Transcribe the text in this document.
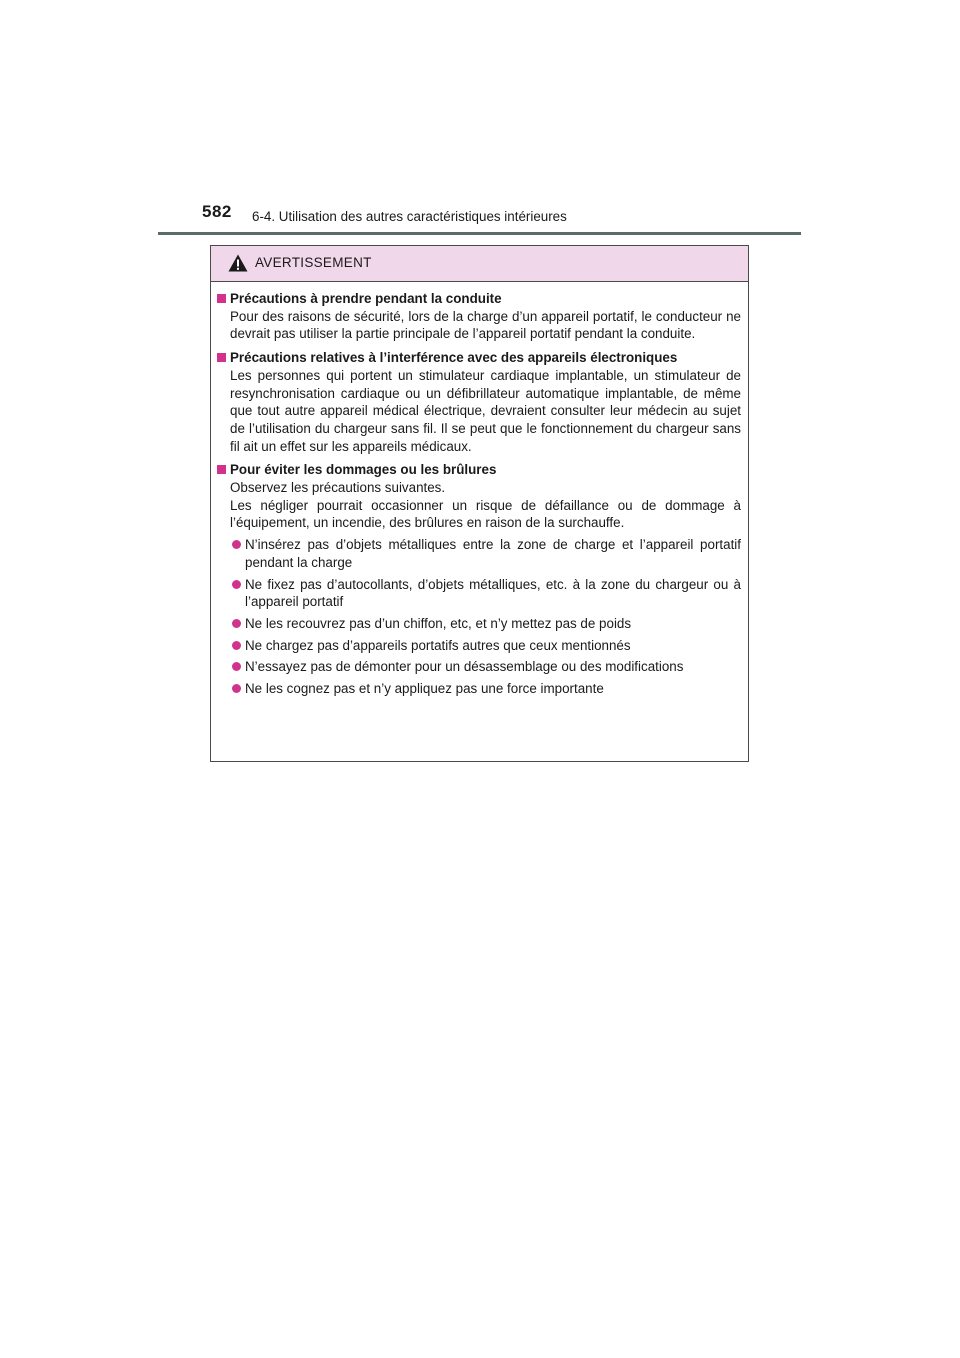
582 6-4. Utilisation des autres caractéristiques intérieures
AVERTISSEMENT
Précautions à prendre pendant la conduite

Pour des raisons de sécurité, lors de la charge d’un appareil portatif, le conducteur ne devrait pas utiliser la partie principale de l’appareil portatif pendant la conduite.

Précautions relatives à l’interférence avec des appareils électroniques

Les personnes qui portent un stimulateur cardiaque implantable, un stimulateur de resynchronisation cardiaque ou un défibrillateur automatique implantable, de même que tout autre appareil médical électrique, devraient consulter leur médecin au sujet de l’utilisation du chargeur sans fil. Il se peut que le fonctionnement du chargeur sans fil ait un effet sur les appareils médicaux.

Pour éviter les dommages ou les brûlures

Observez les précautions suivantes.

Les négliger pourrait occasionner un risque de défaillance ou de dommage à l’équipement, un incendie, des brûlures en raison de la surchauffe.

N’insérez pas d’objets métalliques entre la zone de charge et l’appareil portatif pendant la charge
Ne fixez pas d’autocollants, d’objets métalliques, etc. à la zone du chargeur ou à l’appareil portatif
Ne les recouvrez pas d’un chiffon, etc, et n’y mettez pas de poids
Ne chargez pas d’appareils portatifs autres que ceux mentionnés
N’essayez pas de démonter pour un désassemblage ou des modifications
Ne les cognez pas et n’y appliquez pas une force importante
